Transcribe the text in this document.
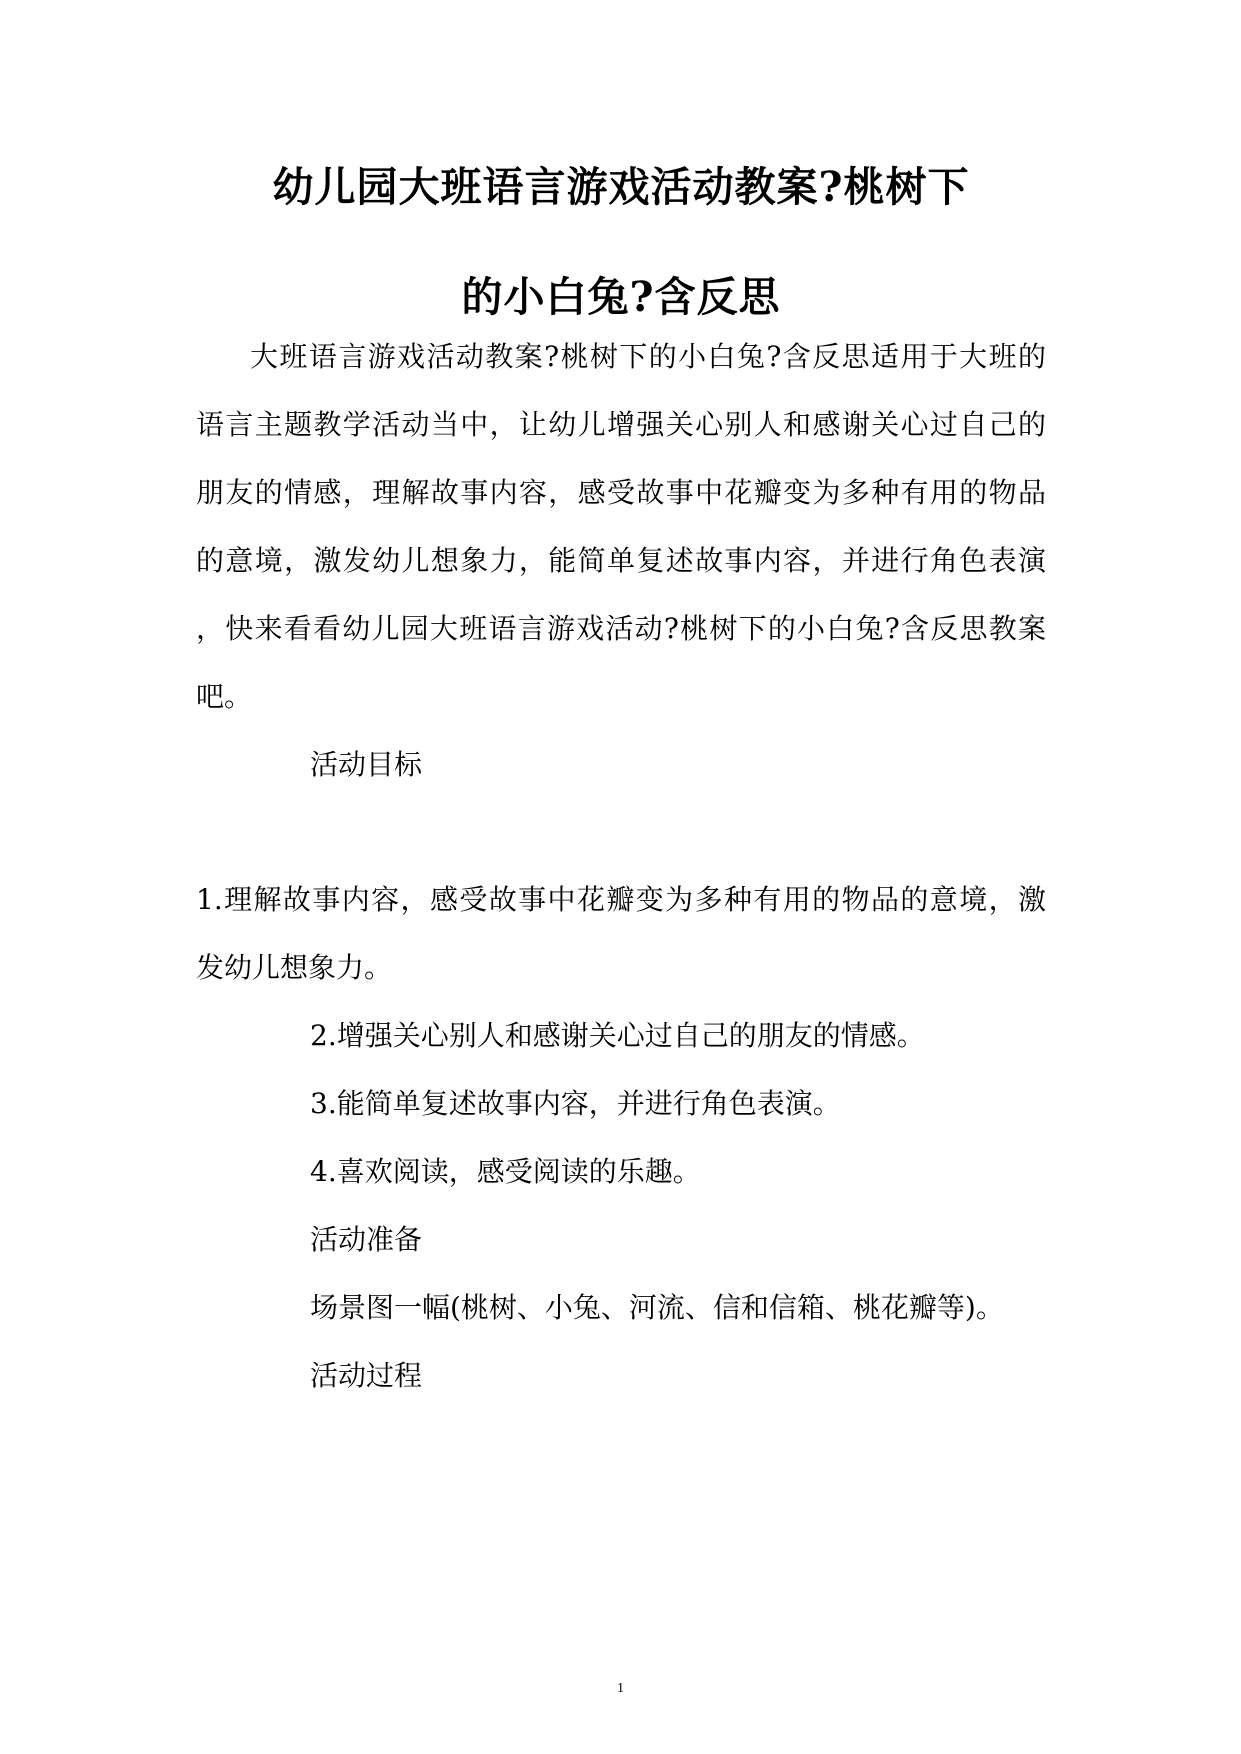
幼儿园大班语言游戏活动教案?桃树下
的小白兔?含反思

大班语言游戏活动教案?桃树下的小白兔?含反思适用于大班的

语言主题教学活动当中，让幼儿增强关心别人和感谢关心过自己的

朋友的情感，理解故事内容，感受故事中花瓣变为多种有用的物品

的意境，激发幼儿想象力，能简单复述故事内容，并进行角色表演

，快来看看幼儿园大班语言游戏活动?桃树下的小白兔?含反思教案

吧。

活动目标

1.理解故事内容，感受故事中花瓣变为多种有用的物品的意境，激

发幼儿想象力。

2.增强关心别人和感谢关心过自己的朋友的情感。

3.能简单复述故事内容，并进行角色表演。

4.喜欢阅读，感受阅读的乐趣。

活动准备

场景图一幅(桃树、小兔、河流、信和信箱、桃花瓣等)。

活动过程

1
